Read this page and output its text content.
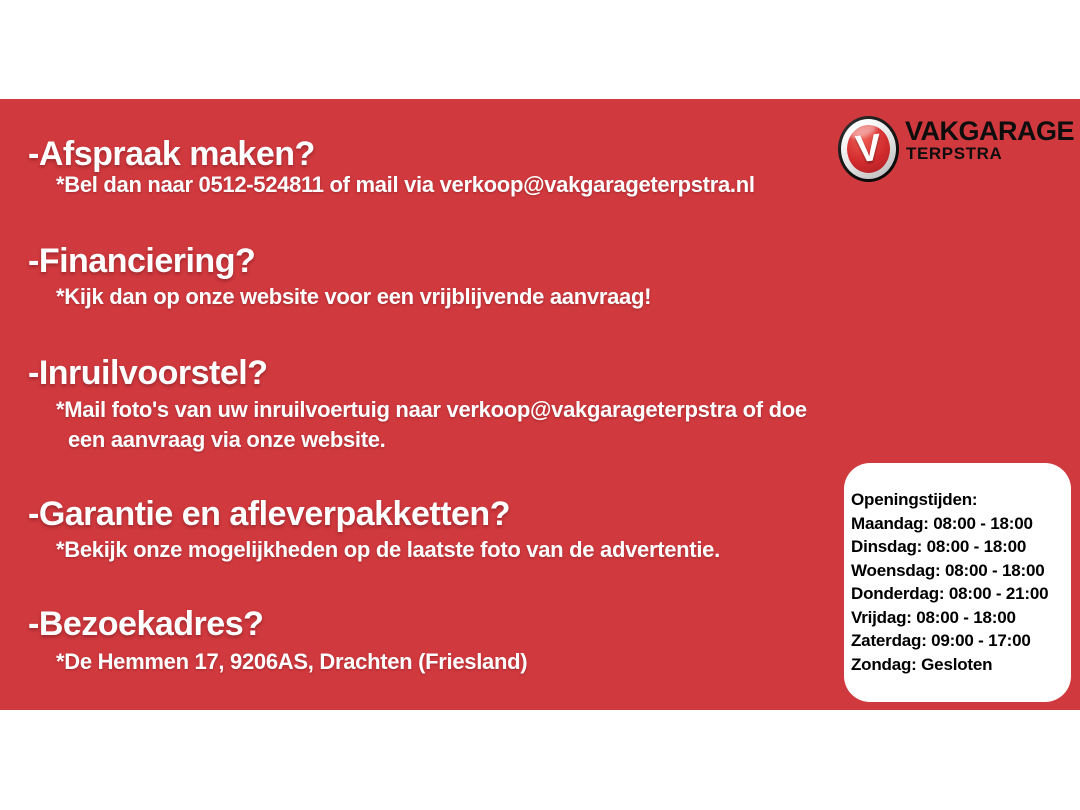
-Afspraak maken?
*Bel dan naar 0512-524811 of mail via verkoop@vakgarageterpstra.nl
-Financiering?
*Kijk dan op onze website voor een vrijblijvende aanvraag!
-Inruilvoorstel?
*Mail foto's van uw inruilvoertuig naar verkoop@vakgarageterpstra of doe
een aanvraag via onze website.
-Garantie en afleverpakketten?
*Bekijk onze mogelijkheden op de laatste foto van de advertentie.
-Bezoekadres?
*De Hemmen 17, 9206AS, Drachten (Friesland)
V VAKGARAGE
TERPSTRA
Openingstijden:
Maandag: 08:00 - 18:00
Dinsdag: 08:00 - 18:00
Woensdag: 08:00 - 18:00
Donderdag: 08:00 - 21:00
Vrijdag: 08:00 - 18:00
Zaterdag: 09:00 - 17:00
Zondag: Gesloten
